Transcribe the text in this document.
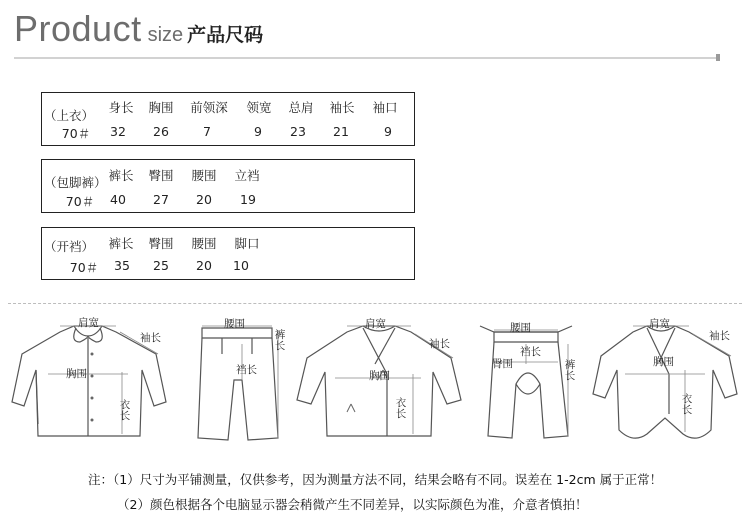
Product size 产品尺码
（上衣）
身长 胸围 前领深 领宽 总肩 袖长 袖口
70＃ 32 26	7	9 23 21	9
（包脚裤） 裤长 臀围 腰围 立裆
70＃ 40 27 20 19
（开裆） 裤长 臀围 腰围 脚口
70＃ 35 25 20 10
肩宽
袖长
胸围
衣长
腰围
裤长
裆长
肩宽
袖长
胸围
衣长
腰围
裆长
臀围	裤长
肩宽
袖长
胸围
衣长
注：（1）尺寸为平铺测量，仅供参考，因为测量方法不同，结果会略有不同。误差在 1-2cm 属于正常！
（2）颜色根据各个电脑显示器会稍微产生不同差异，以实际颜色为准，介意者慎拍！
